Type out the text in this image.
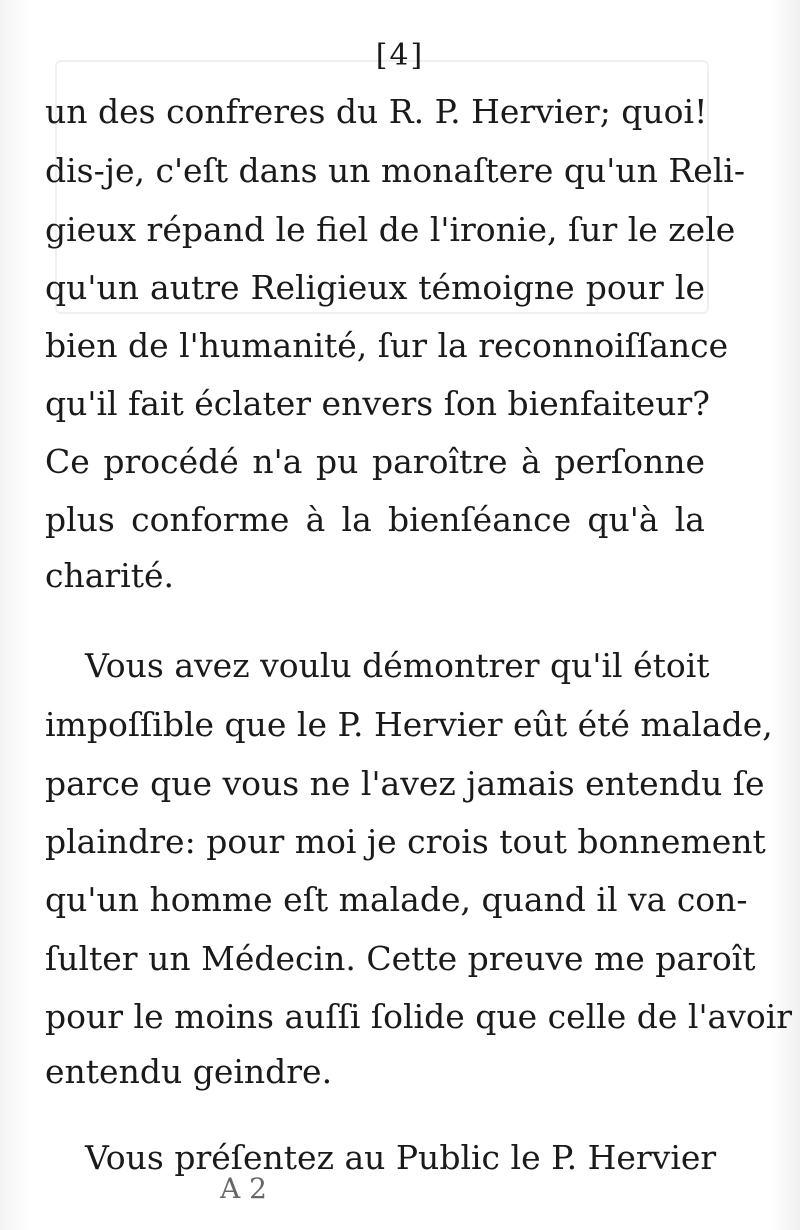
[4]
un des confreres du R. P. Hervier; quoi!
dis-je, c'eſt dans un monaſtere qu'un Reli-
gieux répand le fiel de l'ironie, ſur le zele
qu'un autre Religieux témoigne pour le
bien de l'humanité, ſur la reconnoiſſance
qu'il fait éclater envers ſon bienfaiteur?
Ce procédé n'a pu paroître à perſonne
plus conforme à la bienſéance qu'à la
charité.
Vous avez voulu démontrer qu'il étoit
impoſſible que le P. Hervier eût été malade,
parce que vous ne l'avez jamais entendu ſe
plaindre: pour moi je crois tout bonnement
qu'un homme eſt malade, quand il va con-
ſulter un Médecin. Cette preuve me paroît
pour le moins auſſi ſolide que celle de l'avoir
entendu geindre.
Vous préſentez au Public le P. Hervier
A 2
